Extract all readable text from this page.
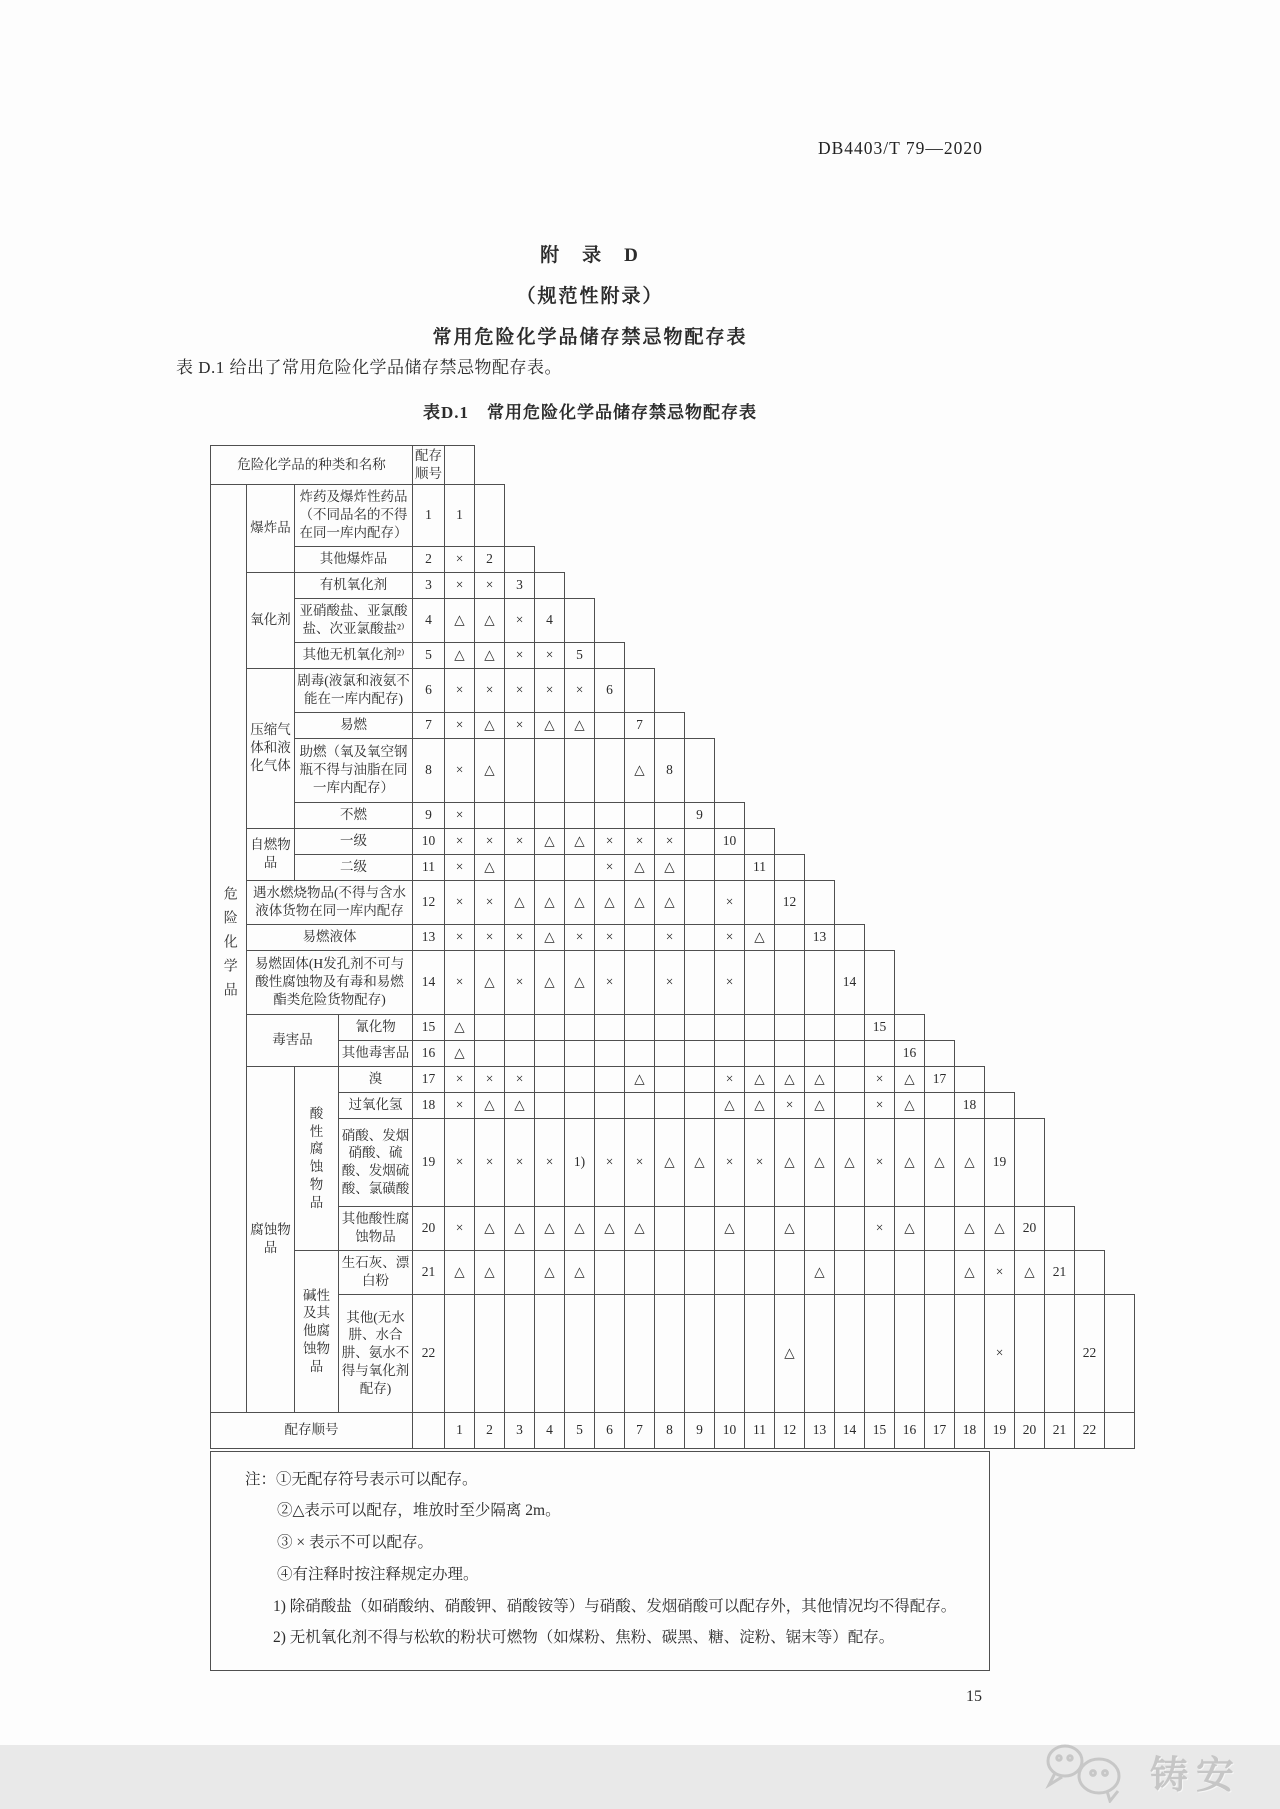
DB4403/T 79—2020
附　录　D
（规范性附录）
常用危险化学品储存禁忌物配存表
表 D.1 给出了常用危险化学品储存禁忌物配存表。
表D.1　常用危险化学品储存禁忌物配存表
危险化学品的种类和名称				配存顺号																							
危险化学品	爆炸品	炸药及爆炸性药品（不同品名的不得在同一库内配存）		1	1																						
		其他爆炸品		2	×	2																					
	氧化剂	有机氧化剂		3	×	×	3																				
		亚硝酸盐、亚氯酸盐、次亚氯酸盐²⁾		4	△	△	×	4																			
		其他无机氧化剂²⁾		5	△	△	×	×	5																		
	压缩气体和液化气体	剧毒(液氯和液氨不能在一库内配存)		6	×	×	×	×	×	6																	
		易燃		7	×	△	×	△	△		7																
		助燃（氧及氧空钢瓶不得与油脂在同一库内配存）		8	×	△					△	8															
		不燃		9	×								9														
	自燃物品	一级		10	×	×	×	△	△	×	×	×		10													
		二级		11	×	△				×	△	△			11												
	遇水燃烧物品(不得与含水液体货物在同一库内配存			12	×	×	△	△	△	△	△	△		×		12											
	易燃液体			13	×	×	×	△	×	×		×		×	△		13										
	易燃固体(H发孔剂不可与酸性腐蚀物及有毒和易燃酯类危险货物配存)			14	×	△	×	△	△	×		×		×				14									
	毒害品		氰化物	15	△														15								
			其他毒害品	16	△															16							
	腐蚀物品	酸性腐蚀物品	溴	17	×	×	×				△			×	△	△	△		×	△	17						
			过氧化氢	18	×	△	△							△	△	×	△		×	△		18					
			硝酸、发烟硝酸、硫酸、发烟硫酸、氯磺酸	19	×	×	×	×	1)	×	×	△	△	×	×	△	△	△	×	△	△	△	19				
			其他酸性腐蚀物品	20	×	△	△	△	△	△	△			△		△			×	△		△	△	20			
		碱性及其他腐蚀物品	生石灰、漂白粉	21	△	△		△	△								△					△	×	△	21		
			其他(无水肼、水合肼、氨水不得与氧化剂配存)	22												△							×			22	
配存顺号					1	2	3	4	5	6	7	8	9	10	11	12	13	14	15	16	17	18	19	20	21	22	
注：①无配存符号表示可以配存。
②△表示可以配存，堆放时至少隔离 2m。
③ × 表示不可以配存。
④有注释时按注释规定办理。
1) 除硝酸盐（如硝酸纳、硝酸钾、硝酸铵等）与硝酸、发烟硝酸可以配存外，其他情况均不得配存。
2) 无机氧化剂不得与松软的粉状可燃物（如煤粉、焦粉、碳黑、糖、淀粉、锯末等）配存。
15
铸安
